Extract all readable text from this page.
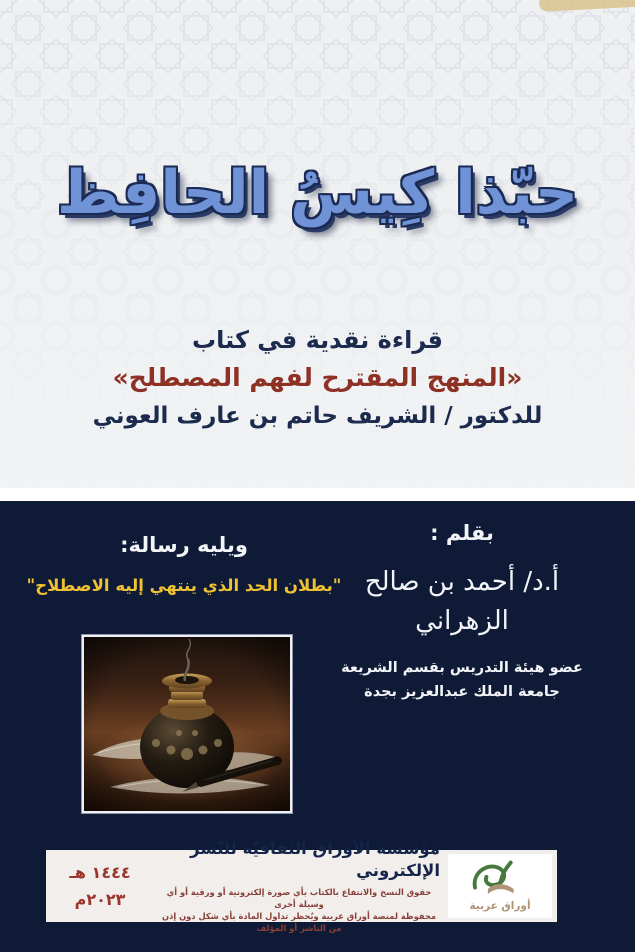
حبّذا كِيسُ الحافِظ

قراءة نقدية في كتاب

«المنهج المقترح لفهم المصطلح»

للدكتور / الشريف حاتم بن عارف العوني

بقلم :

أ.د/ أحمد بن صالح الزهراني

عضو هيئة التدريس بقسم الشريعة

جامعة الملك عبدالعزيز بجدة

ويليه رسالة:

"بطلان الحد الذي ينتهي إليه الاصطلاح"

١٤٤٤ هـ

٢٠٢٣م

مؤسسة الأوراق الثقافيّة للنّشر الإلكتروني

حقوق النسخ والانتفاع بالكتاب بأي صورة إلكترونية أو ورقية أو أي وسيلة أخرى
محفوظة لمنصة أوراق عربية ويُحظر تداول المادة بأي شكل دون إذن من الناشر أو المؤلف

أوراق عربية
